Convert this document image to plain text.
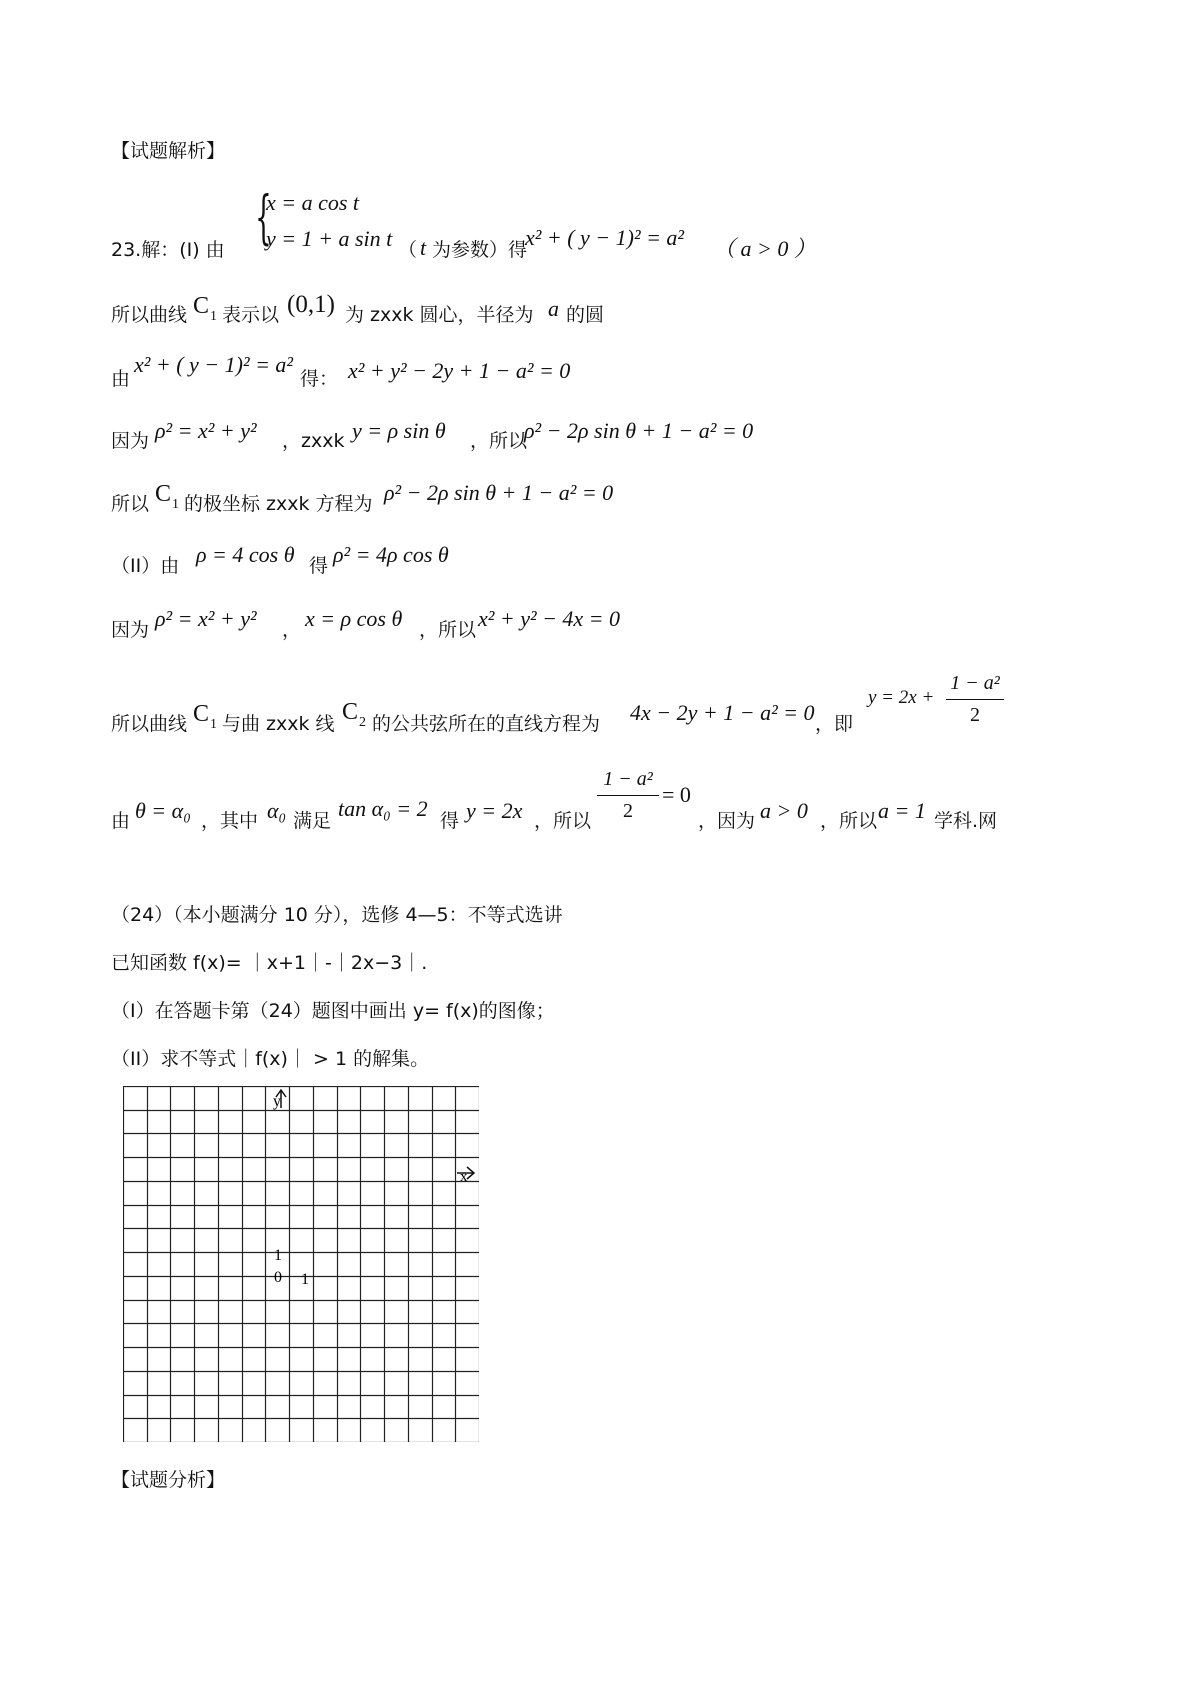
【试题解析】
23.解：(I) 由 {
x = a cos t
y = 1 + a sin t （ t 为参数）得
x² + ( y − 1)² = a² （ a > 0 ）
所以曲线 C 1 表示以 (0,1) 为 zxxk 圆心，半径为 a 的圆
由
x² + ( y − 1)² = a²
得： x² + y² − 2y + 1 − a² = 0
因为 ρ² = x² + y² ，zxxk y = ρ sin θ ，所以
ρ² − 2ρ sin θ + 1 − a² = 0
所以 C 1 的极坐标 zxxk 方程为 ρ² − 2ρ sin θ + 1 − a² = 0
（II）由 ρ = 4 cos θ 得 ρ² = 4ρ cos θ
因为 ρ² = x² + y² ， x = ρ cos θ ，所以 x² + y² − 4x = 0
所以曲线 C 1 与曲 zxxk 线 C 2 的公共弦所在的直线方程为 4x − 2y + 1 − a² = 0 ，即
y = 2x +
1 − a²
2
由 θ = α₀ ，其中 α₀ 满足 tan α₀ = 2 得 y = 2x ，所以
1 − a²
2
= 0
，因为 a > 0 ，所以 a = 1 学科.网
（24）（本小题满分 10 分），选修 4—5：不等式选讲
已知函数 f(x)= ｜x+1｜-｜2x−3｜.
（I）在答题卡第（24）题图中画出 y= f(x)的图像；
（II）求不等式｜f(x)｜ > 1 的解集。
y
x
1
0 1
【试题分析】
